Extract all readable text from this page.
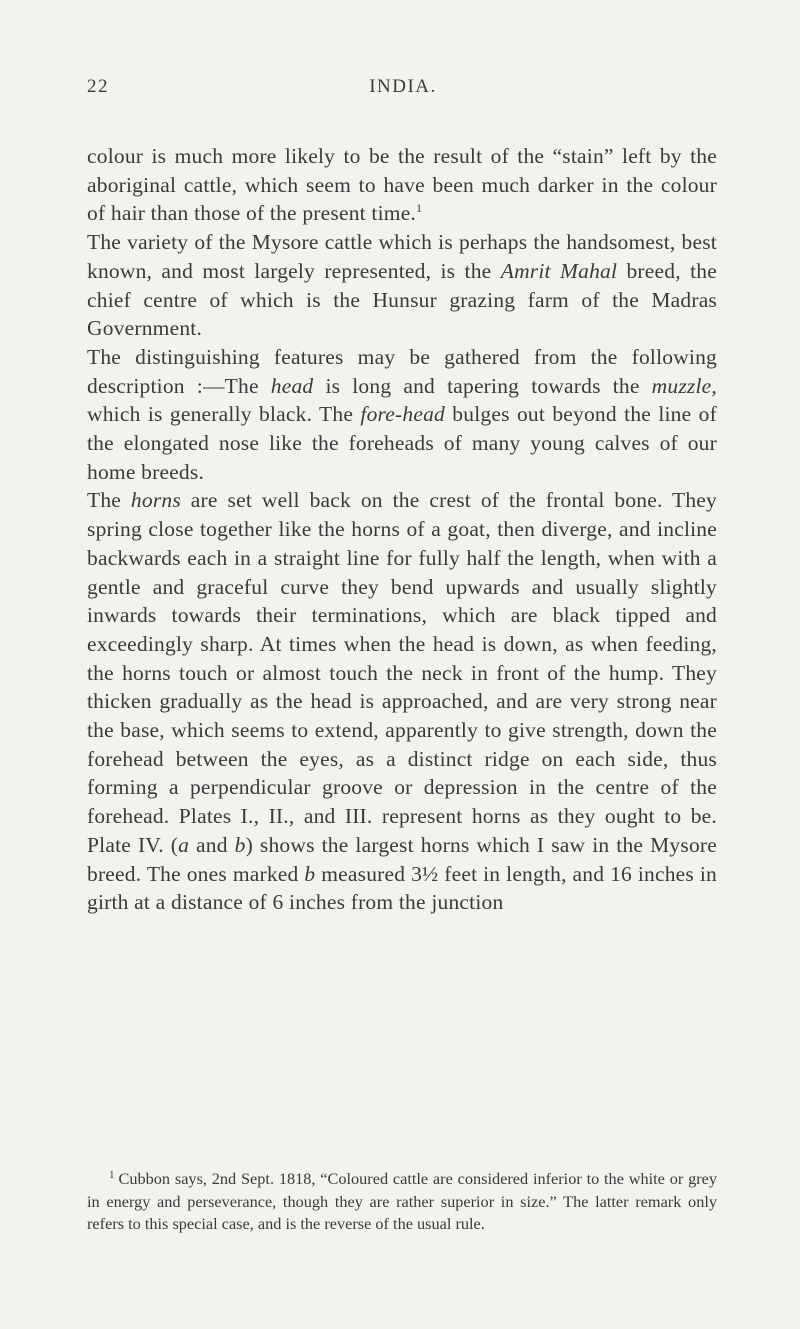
22	INDIA.

colour is much more likely to be the result of the “stain” left by the aboriginal cattle, which seem to have been much darker in the colour of hair than those of the present time.$^1$

The variety of the Mysore cattle which is perhaps the handsomest, best known, and most largely represented, is the Amrit Mahal breed, the chief centre of which is the Hunsur grazing farm of the Madras Government.

The distinguishing features may be gathered from the following description :—The head is long and tapering towards the muzzle, which is generally black. The fore-head bulges out beyond the line of the elongated nose like the foreheads of many young calves of our home breeds.

The horns are set well back on the crest of the frontal bone. They spring close together like the horns of a goat, then diverge, and incline backwards each in a straight line for fully half the length, when with a gentle and graceful curve they bend upwards and usually slightly inwards towards their terminations, which are black tipped and exceedingly sharp. At times when the head is down, as when feeding, the horns touch or almost touch the neck in front of the hump. They thicken gradually as the head is approached, and are very strong near the base, which seems to extend, apparently to give strength, down the forehead between the eyes, as a distinct ridge on each side, thus forming a perpendicular groove or depression in the centre of the forehead. Plates I., II., and III. represent horns as they ought to be. Plate IV. (a and b) shows the largest horns which I saw in the Mysore breed. The ones marked b measured 3½ feet in length, and 16 inches in girth at a distance of 6 inches from the junction

$^1$ Cubbon says, 2nd Sept. 1818, “Coloured cattle are considered inferior to the white or grey in energy and perseverance, though they are rather superior in size.” The latter remark only refers to this special case, and is the reverse of the usual rule.
